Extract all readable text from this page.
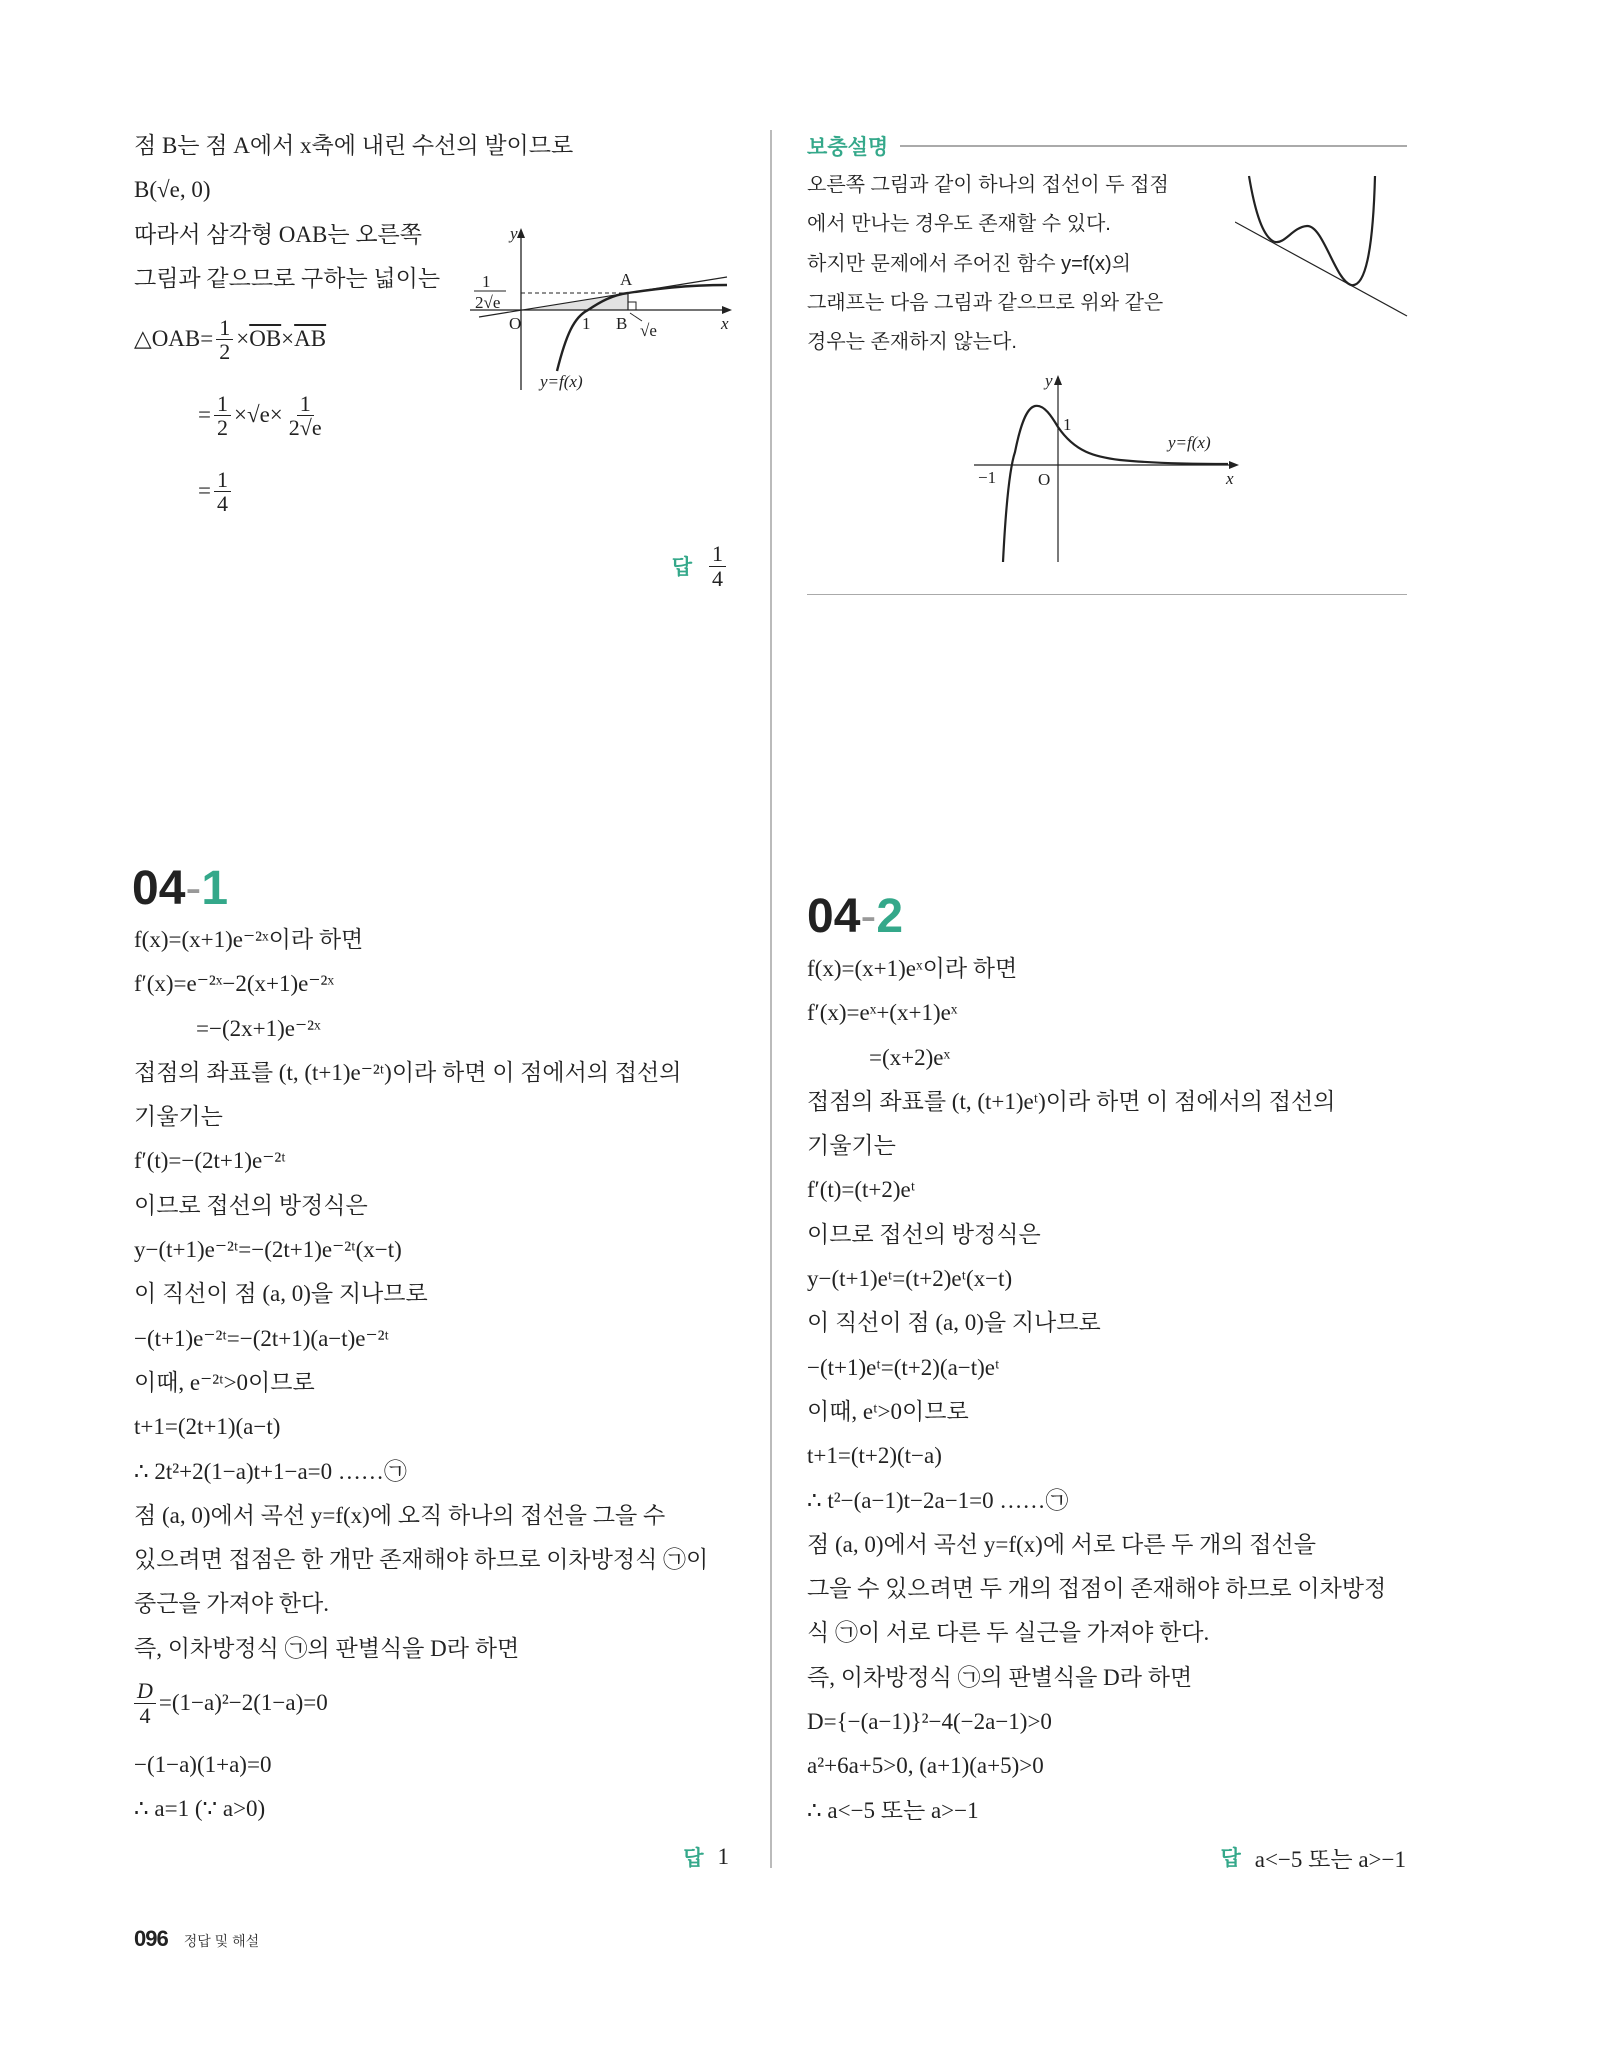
점 B는 점 A에서 x축에 내린 수선의 발이므로
B(√e, 0)
따라서 삼각형 OAB는 오른쪽
그림과 같으므로 구하는 넓이는
△OAB= $\frac{1}{2} \times \overline{OB} \times \overline{AB}$
= $\frac{1}{2} \times√e\times \frac{1}{2√e}$
= $\frac{1}{4}$
답 $\frac{1}{4}$
y
x
O	1 B √e
A
1
2√e
y=f(x)
보충설명
오른쪽 그림과 같이 하나의 접선이 두 접점
에서 만나는 경우도 존재할 수 있다.
하지만 문제에서 주어진 함수 y=f(x)의
그래프는 다음 그림과 같으므로 위와 같은
경우는 존재하지 않는다.
y
x
O
−1
1
y=f(x)
04-1
f(x)=(x+1)e⁻²ˣ이라 하면
f′(x)=e⁻²ˣ−2(x+1)e⁻²ˣ
=−(2x+1)e⁻²ˣ
접점의 좌표를 (t, (t+1)e⁻²ᵗ)이라 하면 이 점에서의 접선의
기울기는
f′(t)=−(2t+1)e⁻²ᵗ
이므로 접선의 방정식은
y−(t+1)e⁻²ᵗ=−(2t+1)e⁻²ᵗ(x−t)
이 직선이 점 (a, 0)을 지나므로
−(t+1)e⁻²ᵗ=−(2t+1)(a−t)e⁻²ᵗ
이때, e⁻²ᵗ>0이므로
t+1=(2t+1)(a−t)
∴ 2t²+2(1−a)t+1−a=0 ……㉠
점 (a, 0)에서 곡선 y=f(x)에 오직 하나의 접선을 그을 수
있으려면 접점은 한 개만 존재해야 하므로 이차방정식 ㉠이
중근을 가져야 한다.
즉, 이차방정식 ㉠의 판별식을 D라 하면
$\frac{D}{4} =(1-a)^2-2(1-a)=0$
−(1−a)(1+a)=0
∴ a=1 (∵ a>0)
답 1
04-2
f(x)=(x+1)eˣ이라 하면
f′(x)=eˣ+(x+1)eˣ
=(x+2)eˣ
접점의 좌표를 (t, (t+1)eᵗ)이라 하면 이 점에서의 접선의
기울기는
f′(t)=(t+2)eᵗ
이므로 접선의 방정식은
y−(t+1)eᵗ=(t+2)eᵗ(x−t)
이 직선이 점 (a, 0)을 지나므로
−(t+1)eᵗ=(t+2)(a−t)eᵗ
이때, eᵗ>0이므로
t+1=(t+2)(t−a)
∴ t²−(a−1)t−2a−1=0 ……㉠
점 (a, 0)에서 곡선 y=f(x)에 서로 다른 두 개의 접선을
그을 수 있으려면 두 개의 접점이 존재해야 하므로 이차방정
식 ㉠이 서로 다른 두 실근을 가져야 한다.
즉, 이차방정식 ㉠의 판별식을 D라 하면
D={−(a−1)}²−4(−2a−1)>0
a²+6a+5>0, (a+1)(a+5)>0
∴ a<−5 또는 a>−1
답 a<−5 또는 a>−1
096 정답 및 해설
